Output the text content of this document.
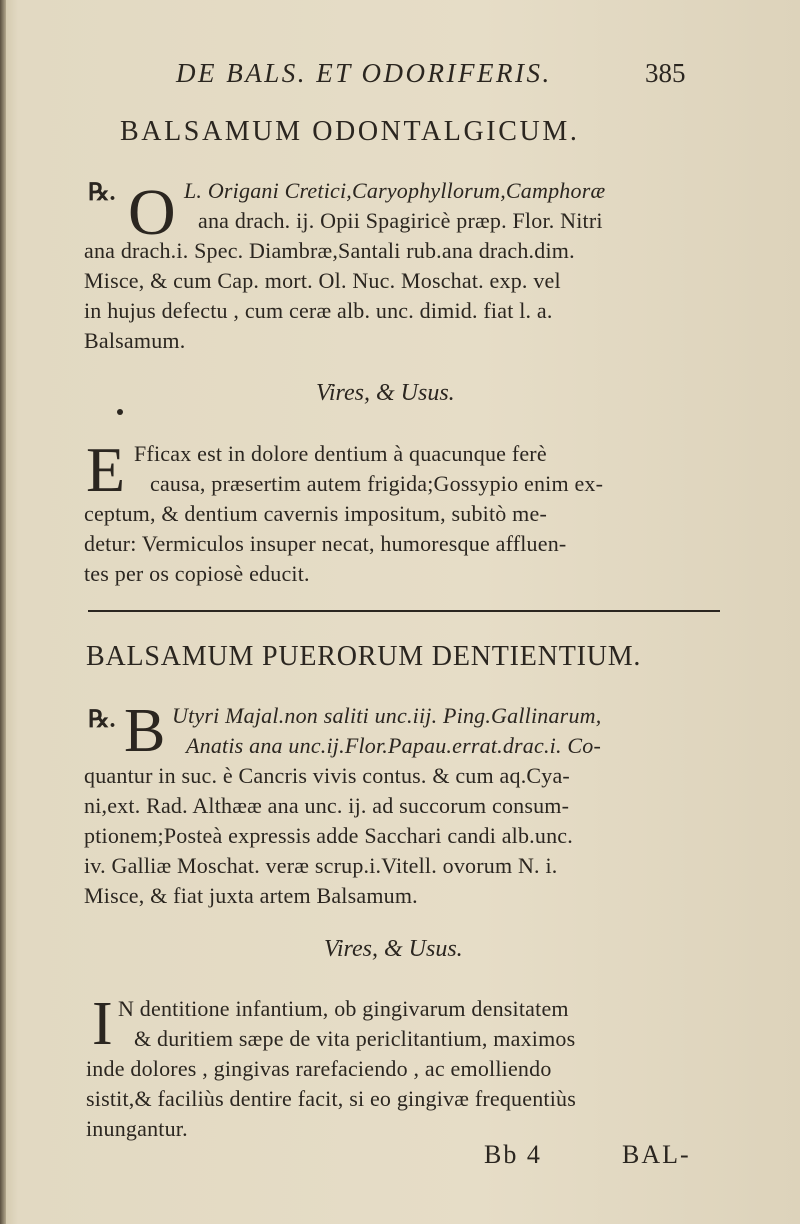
DE BALS. ET ODORIFERIS.	385
BALSAMUM ODONTALGICUM.
℞. O L. Origani Cretici,Caryophyllorum,Camphoræ
ana drach. ij. Opii Spagiricè præp. Flor. Nitri
ana drach.i. Spec. Diambræ,Santali rub.ana drach.dim.
Misce, & cum Cap. mort. Ol. Nuc. Moschat. exp. vel
in hujus defectu , cum ceræ alb. unc. dimid. fiat l. a.
Balsamum.
Vires, & Usus.
E Fficax est in dolore dentium à quacunque ferè
causa, præsertim autem frigida;Gossypio enim ex-
ceptum, & dentium cavernis impositum, subitò me-
detur: Vermiculos insuper necat, humoresque affluen-
tes per os copiosè educit.
BALSAMUM PUERORUM DENTIENTIUM.
℞. B Utyri Majal.non saliti unc.iij. Ping.Gallinarum,
Anatis ana unc.ij.Flor.Papau.errat.drac.i. Co-
quantur in suc. è Cancris vivis contus. & cum aq.Cya-
ni,ext. Rad. Althææ ana unc. ij. ad succorum consum-
ptionem;Posteà expressis adde Sacchari candi alb.unc.
iv. Galliæ Moschat. veræ scrup.i.Vitell. ovorum N. i.
Misce, & fiat juxta artem Balsamum.
Vires, & Usus.
I N dentitione infantium, ob gingivarum densitatem
& duritiem sæpe de vita periclitantium, maximos
inde dolores , gingivas rarefaciendo , ac emolliendo
sistit,& faciliùs dentire facit, si eo gingivæ frequentiùs
inungantur.
Bb 4	BAL-
